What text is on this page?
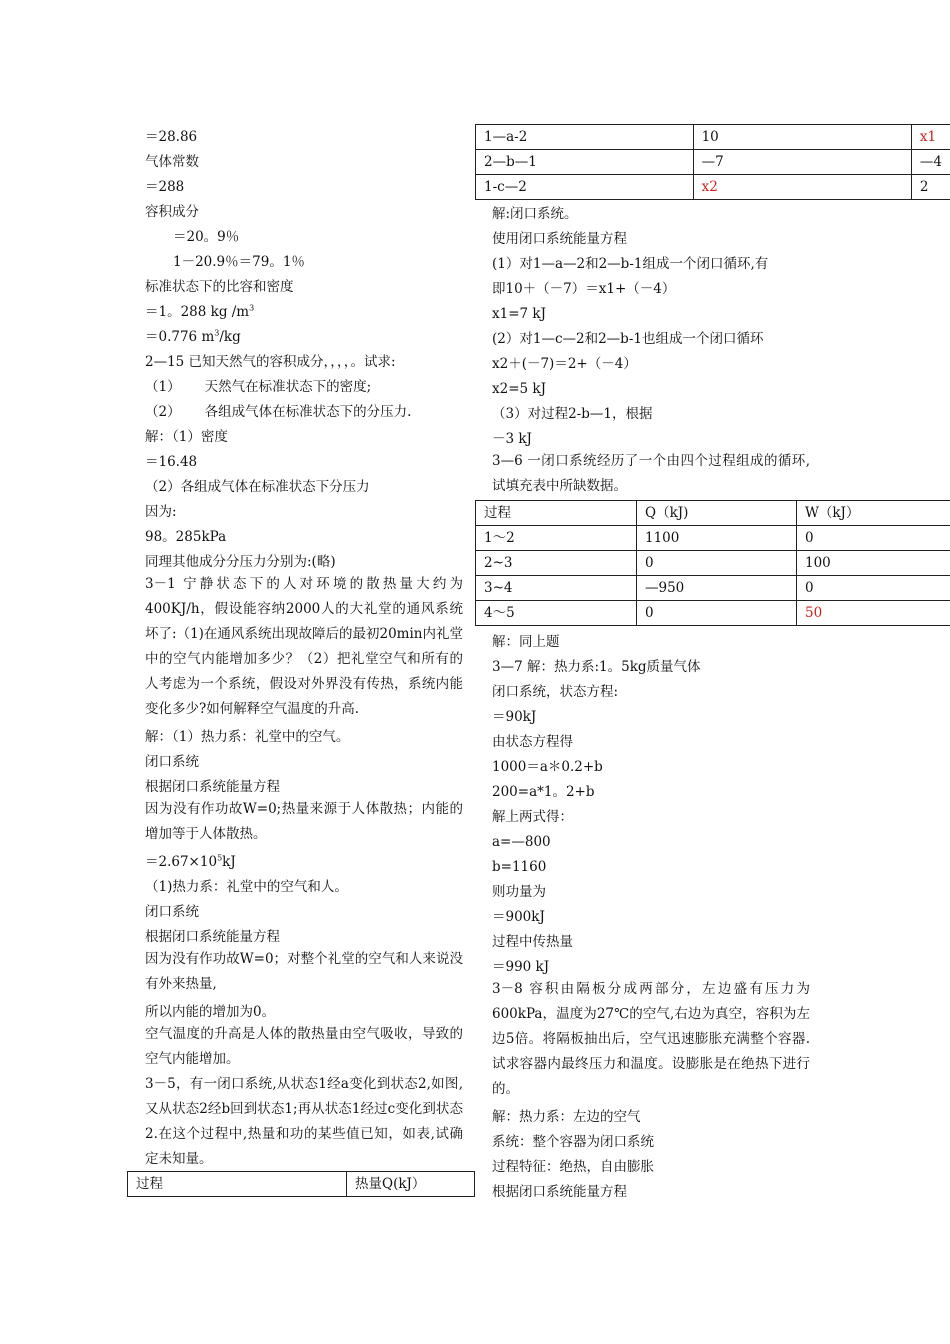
＝28.86
气体常数
＝288
容积成分
＝20。9％
1－20.9％＝79。1％
标准状态下的比容和密度
＝1。288 kg $/m^3$
＝0.776 $m^3/kg$
2—15 已知天然气的容积成分，，，，。试求:
（1） 天然气在标准状态下的密度;
（2） 各组成气体在标准状态下的分压力.
解：（1）密度
＝16.48
（2）各组成气体在标准状态下分压力
因为:
98。285kPa
同理其他成分分压力分别为:(略)
3－1 宁静状态下的人对环境的散热量大约为400KJ/h，假设能容纳2000人的大礼堂的通风系统坏了:（1)在通风系统出现故障后的最初20min内礼堂中的空气内能增加多少？（2）把礼堂空气和所有的人考虑为一个系统，假设对外界没有传热，系统内能变化多少?如何解释空气温度的升高.
解：（1）热力系：礼堂中的空气。
闭口系统
根据闭口系统能量方程
因为没有作功故W=0;热量来源于人体散热；内能的增加等于人体散热。
$=2.67\times 10^5kJ$
（1)热力系：礼堂中的空气和人。
闭口系统
根据闭口系统能量方程
因为没有作功故W=0；对整个礼堂的空气和人来说没有外来热量,
所以内能的增加为0。
空气温度的升高是人体的散热量由空气吸收，导致的空气内能增加。
3－5，有一闭口系统,从状态1经a变化到状态2,如图,又从状态2经b回到状态1;再从状态1经过c变化到状态2.在这个过程中,热量和功的某些值已知，如表,试确定未知量。
过程	热量Q(kJ）
1—a-2	10	x1
2—b—1	—7	—4
1-c—2	x2	2
解:闭口系统。
使用闭口系统能量方程
(1）对1—a—2和2—b-1组成一个闭口循环,有
即10＋（－7）＝x1+（－4）
x1=7 kJ
(2）对1—c—2和2—b-1也组成一个闭口循环
x2＋(－7)＝2+（－4）
x2=5 kJ
（3）对过程2-b—1，根据
－3 kJ
3—6 一闭口系统经历了一个由四个过程组成的循环,试填充表中所缺数据。
过程	Q（kJ)	W（kJ）
1～2	1100	0
2~3	0	100
3~4	—950	0
4～5	0	50
解：同上题
3—7 解：热力系:1。5kg质量气体
闭口系统，状态方程:
＝90kJ
由状态方程得
1000＝a＊0.2+b
200=a*1。2+b
解上两式得：
a=—800
b=1160
则功量为
＝900kJ
过程中传热量
＝990 kJ
3－8 容积由隔板分成两部分，左边盛有压力为600kPa，温度为27℃的空气,右边为真空，容积为左边5倍。将隔板抽出后，空气迅速膨胀充满整个容器.试求容器内最终压力和温度。设膨胀是在绝热下进行的。
解：热力系：左边的空气
系统：整个容器为闭口系统
过程特征：绝热，自由膨胀
根据闭口系统能量方程
